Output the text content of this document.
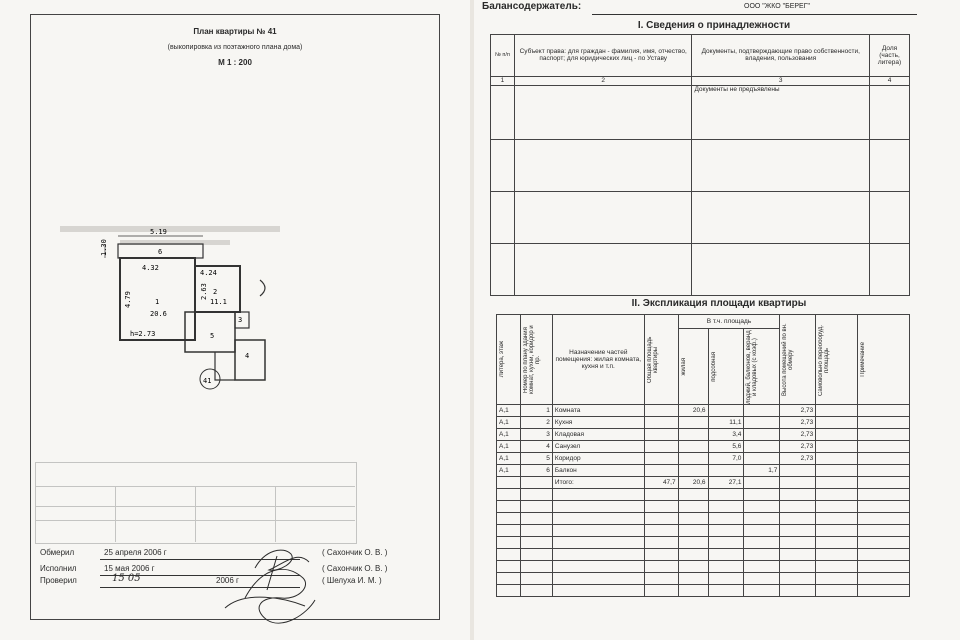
План квартиры № 41
(выкопировка из поэтажного плана дома)
М 1 : 200
5.19
1.30
4.32
4.24
4.79	2.63
6
1
20.6
2
11.1
3
5
4
h=2.73
41
Обмерил	25 апреля 2006 г	( Сахончик О. В. )
Исполнил	15 мая 2006 г	( Сахончик О. В. )
Проверил	15 05	2006 г	( Шелуха И. М. )
Балансодержатель:	ООО "ЖКО "БЕРЕГ"
I. Сведения о принадлежности
№ п/п	Субъект права: для граждан - фамилия, имя, отчество, паспорт; для юридических лиц - по Уставу	Документы, подтверждающие право собственности, владения, пользования	Доля (часть, литера)
1	2	3	4
		Документы не предъявлены	

II. Экспликация площади квартиры
Литера, этаж	Номер по плану здания комнат, кухни, коридор и пр.	Назначение частей помещения: жилая комната, кухня и т.п.	Общая площадь квартиры	В т.ч. площадь			Высота помещений по вн. обмеру	Самовольно переоборуд. площадь	Примечание

				жилая	подсобная	лоджий, балконов, веранд и кладовых (с коэф.)			

А,1	1	Комната		20,6			2,73		
А,1	2	Кухня			11,1		2,73		
А,1	3	Кладовая			3,4		2,73		
А,1	4	Санузел			5,6		2,73		
А,1	5	Коридор			7,0		2,73		
А,1	6	Балкон				1,7			
		Итого:	47,7	20,6	27,1				
